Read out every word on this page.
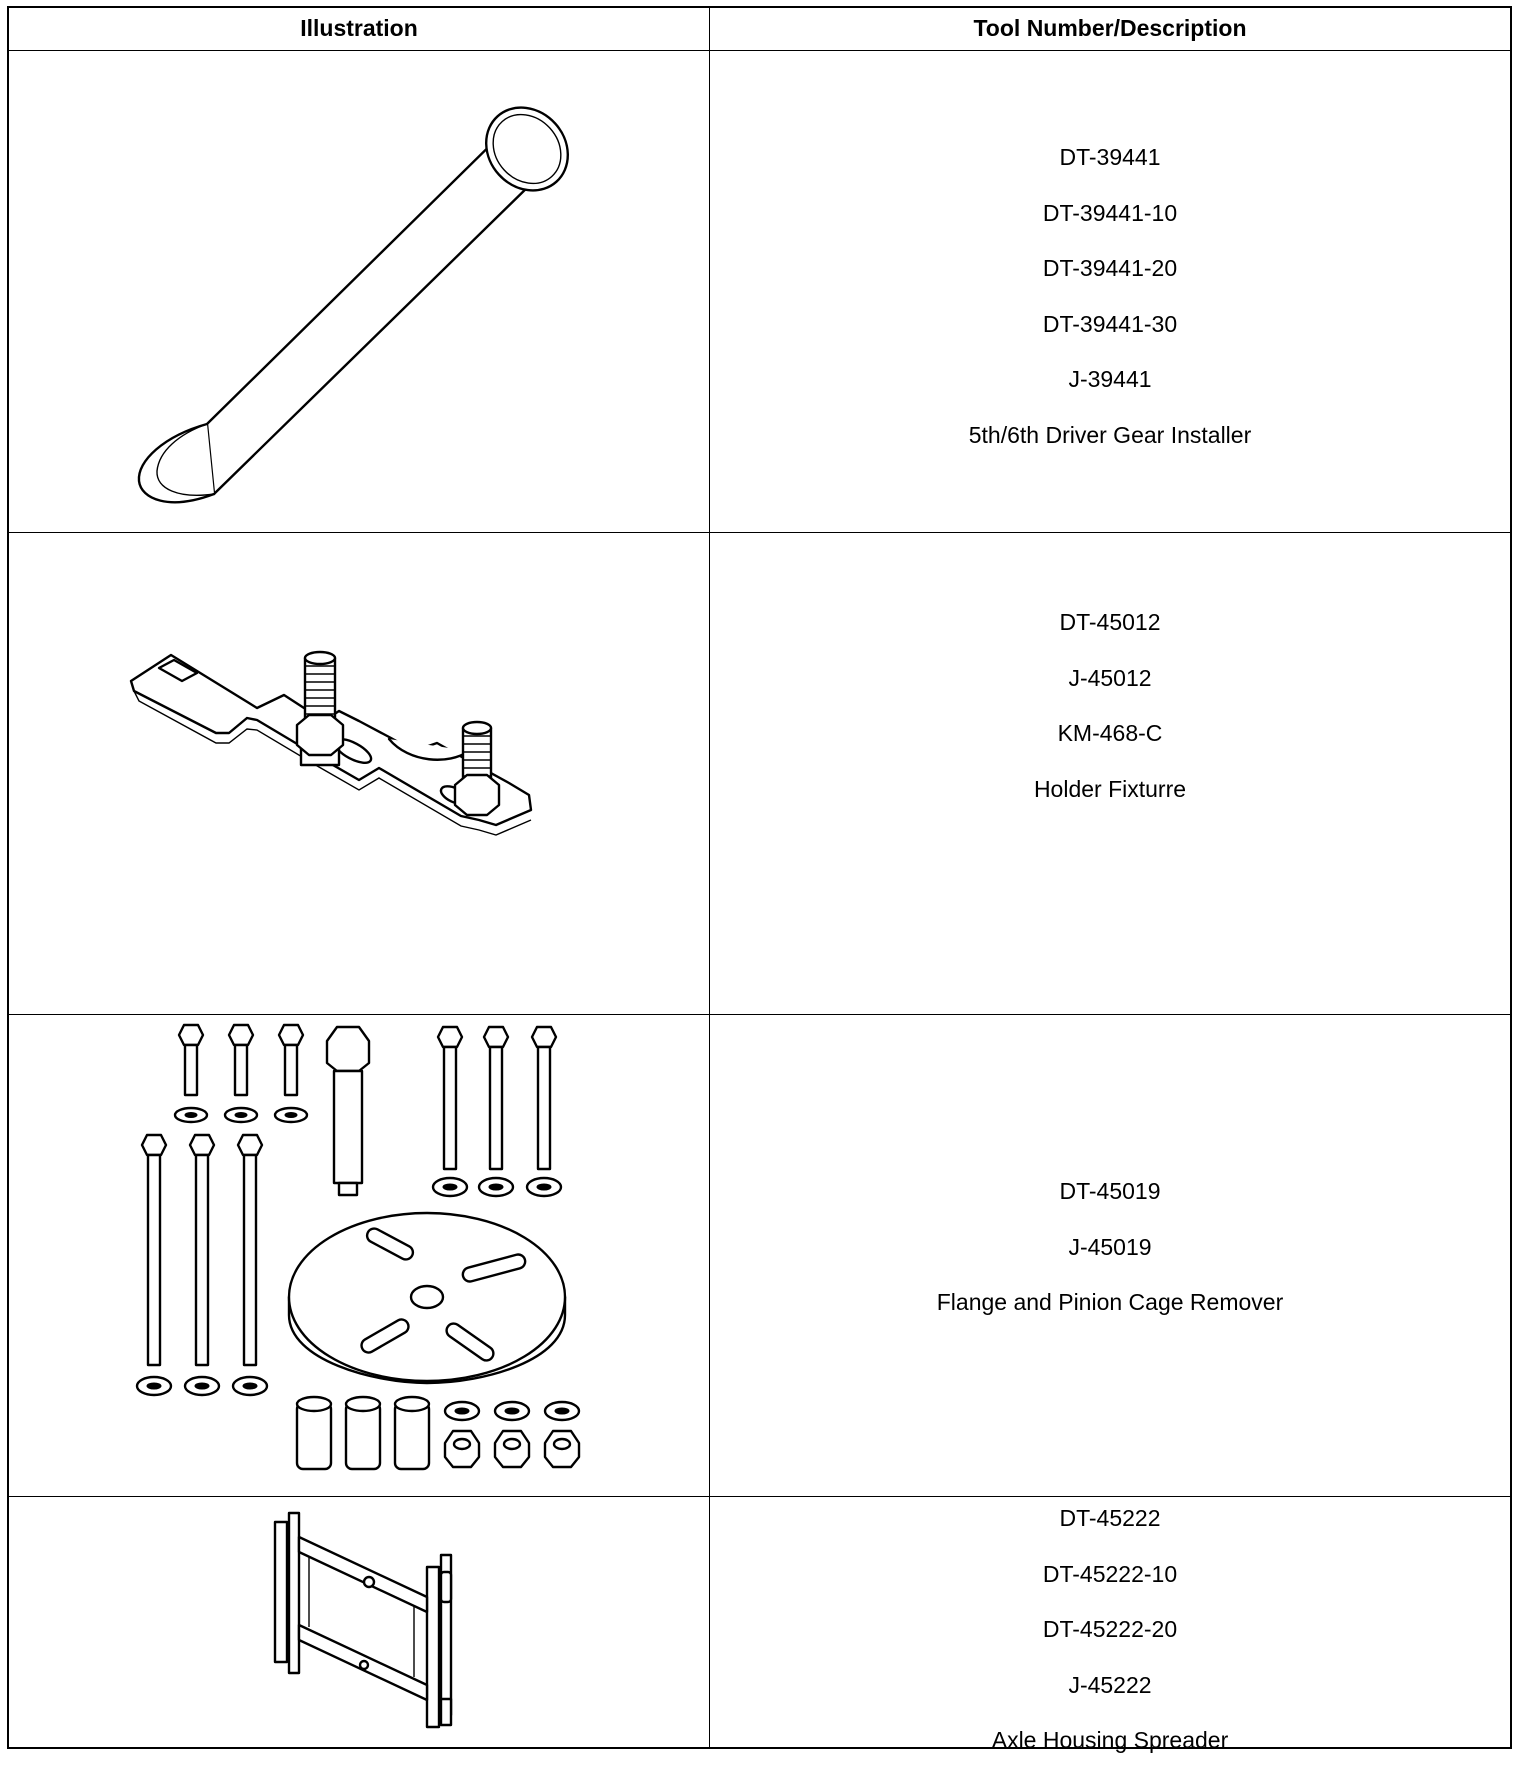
Illustration	Tool Number/Description
DT-39441
DT-39441-10
DT-39441-20
DT-39441-30
J-39441
5th/6th Driver Gear Installer
DT-45012
J-45012
KM-468-C
Holder Fixturre
DT-45019
J-45019
Flange and Pinion Cage Remover
DT-45222
DT-45222-10
DT-45222-20
J-45222
Axle Housing Spreader
